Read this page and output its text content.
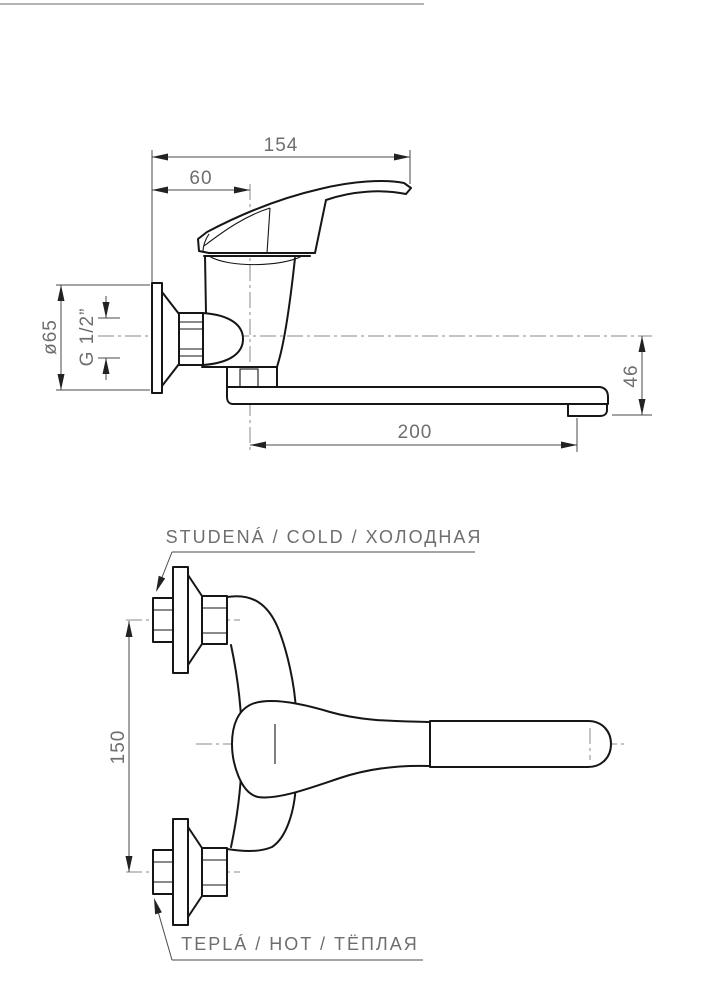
154
60
ø65 G 1/2”
46
200
STUDENÁ / COLD / ХОЛОДНАЯ
150
TEPLÁ / HOT / ТЁПЛАЯ
